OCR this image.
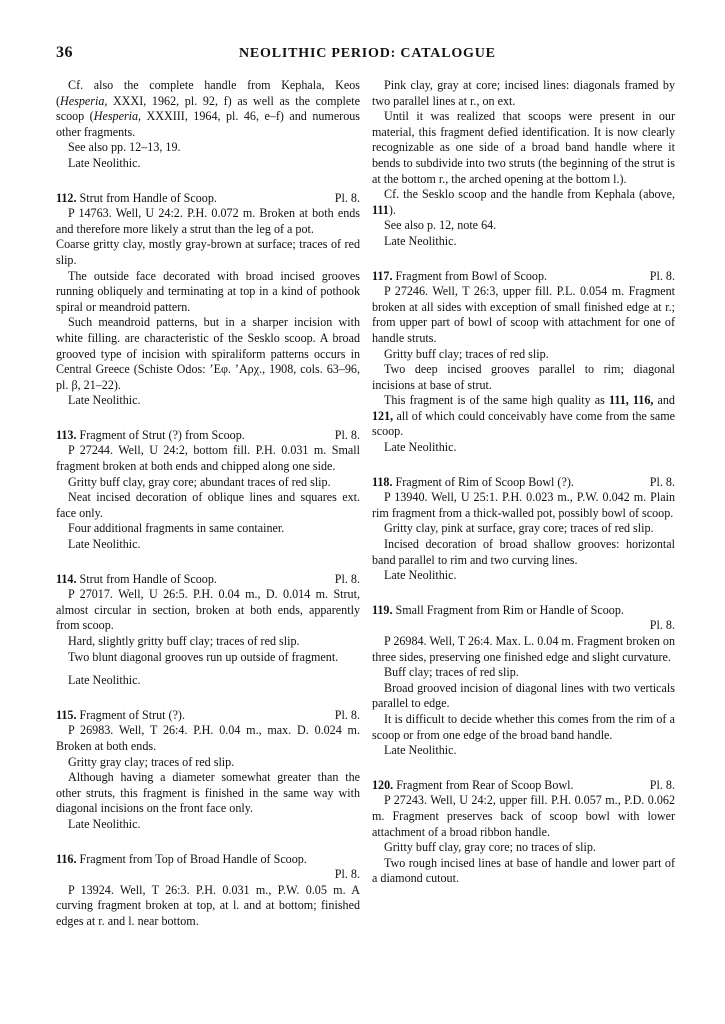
36	NEOLITHIC PERIOD: CATALOGUE

Cf. also the complete handle from Kephala, Keos (Hesperia, XXXI, 1962, pl. 92, f) as well as the complete scoop (Hesperia, XXXIII, 1964, pl. 46, e–f) and numerous other fragments.

See also pp. 12–13, 19.

Late Neolithic.

112. Strut from Handle of Scoop.	Pl. 8.

P 14763. Well, U 24:2. P.H. 0.072 m. Broken at both ends and therefore more likely a strut than the leg of a pot.

Coarse gritty clay, mostly gray-brown at surface; traces of red slip.

The outside face decorated with broad incised grooves running obliquely and terminating at top in a kind of pothook spiral or meandroid pattern.

Such meandroid patterns, but in a sharper incision with white filling. are characteristic of the Sesklo scoop. A broad grooved type of incision with spiraliform patterns occurs in Central Greece (Schiste Odos: ’Eφ. ’Aρχ., 1908, cols. 63–96, pl. β, 21–22).

Late Neolithic.

113. Fragment of Strut (?) from Scoop.	Pl. 8.

P 27244. Well, U 24:2, bottom fill. P.H. 0.031 m. Small fragment broken at both ends and chipped along one side.

Gritty buff clay, gray core; abundant traces of red slip.

Neat incised decoration of oblique lines and squares ext. face only.

Four additional fragments in same container.

Late Neolithic.

114. Strut from Handle of Scoop.	Pl. 8.

P 27017. Well, U 26:5. P.H. 0.04 m., D. 0.014 m. Strut, almost circular in section, broken at both ends, apparently from scoop.

Hard, slightly gritty buff clay; traces of red slip.

Two blunt diagonal grooves run up outside of fragment.

Late Neolithic.

115. Fragment of Strut (?).	Pl. 8.

P 26983. Well, T 26:4. P.H. 0.04 m., max. D. 0.024 m. Broken at both ends.

Gritty gray clay; traces of red slip.

Although having a diameter somewhat greater than the other struts, this fragment is finished in the same way with diagonal incisions on the front face only.

Late Neolithic.

116. Fragment from Top of Broad Handle of Scoop.

Pl. 8.

P 13924. Well, T 26:3. P.H. 0.031 m., P.W. 0.05 m. A curving fragment broken at top, at l. and at bottom; finished edges at r. and l. near bottom.

Pink clay, gray at core; incised lines: diagonals framed by two parallel lines at r., on ext.

Until it was realized that scoops were present in our material, this fragment defied identification. It is now clearly recognizable as one side of a broad band handle where it bends to subdivide into two struts (the beginning of the strut is at the bottom r., the arched opening at the bottom l.).

Cf. the Sesklo scoop and the handle from Kephala (above, 111).

See also p. 12, note 64.

Late Neolithic.

117. Fragment from Bowl of Scoop.	Pl. 8.

P 27246. Well, T 26:3, upper fill. P.L. 0.054 m. Fragment broken at all sides with exception of small finished edge at r.; from upper part of bowl of scoop with attachment for one of handle struts.

Gritty buff clay; traces of red slip.

Two deep incised grooves parallel to rim; diagonal incisions at base of strut.

This fragment is of the same high quality as 111, 116, and 121, all of which could conceivably have come from the same scoop.

Late Neolithic.

118. Fragment of Rim of Scoop Bowl (?).	Pl. 8.

P 13940. Well, U 25:1. P.H. 0.023 m., P.W. 0.042 m. Plain rim fragment from a thick-walled pot, possibly bowl of scoop.

Gritty clay, pink at surface, gray core; traces of red slip.

Incised decoration of broad shallow grooves: horizontal band parallel to rim and two curving lines.

Late Neolithic.

119. Small Fragment from Rim or Handle of Scoop.

Pl. 8.

P 26984. Well, T 26:4. Max. L. 0.04 m. Fragment broken on three sides, preserving one finished edge and slight curvature.

Buff clay; traces of red slip.

Broad grooved incision of diagonal lines with two verticals parallel to edge.

It is difficult to decide whether this comes from the rim of a scoop or from one edge of the broad band handle.

Late Neolithic.

120. Fragment from Rear of Scoop Bowl.	Pl. 8.

P 27243. Well, U 24:2, upper fill. P.H. 0.057 m., P.D. 0.062 m. Fragment preserves back of scoop bowl with lower attachment of a broad ribbon handle.

Gritty buff clay, gray core; no traces of slip.

Two rough incised lines at base of handle and lower part of a diamond cutout.
